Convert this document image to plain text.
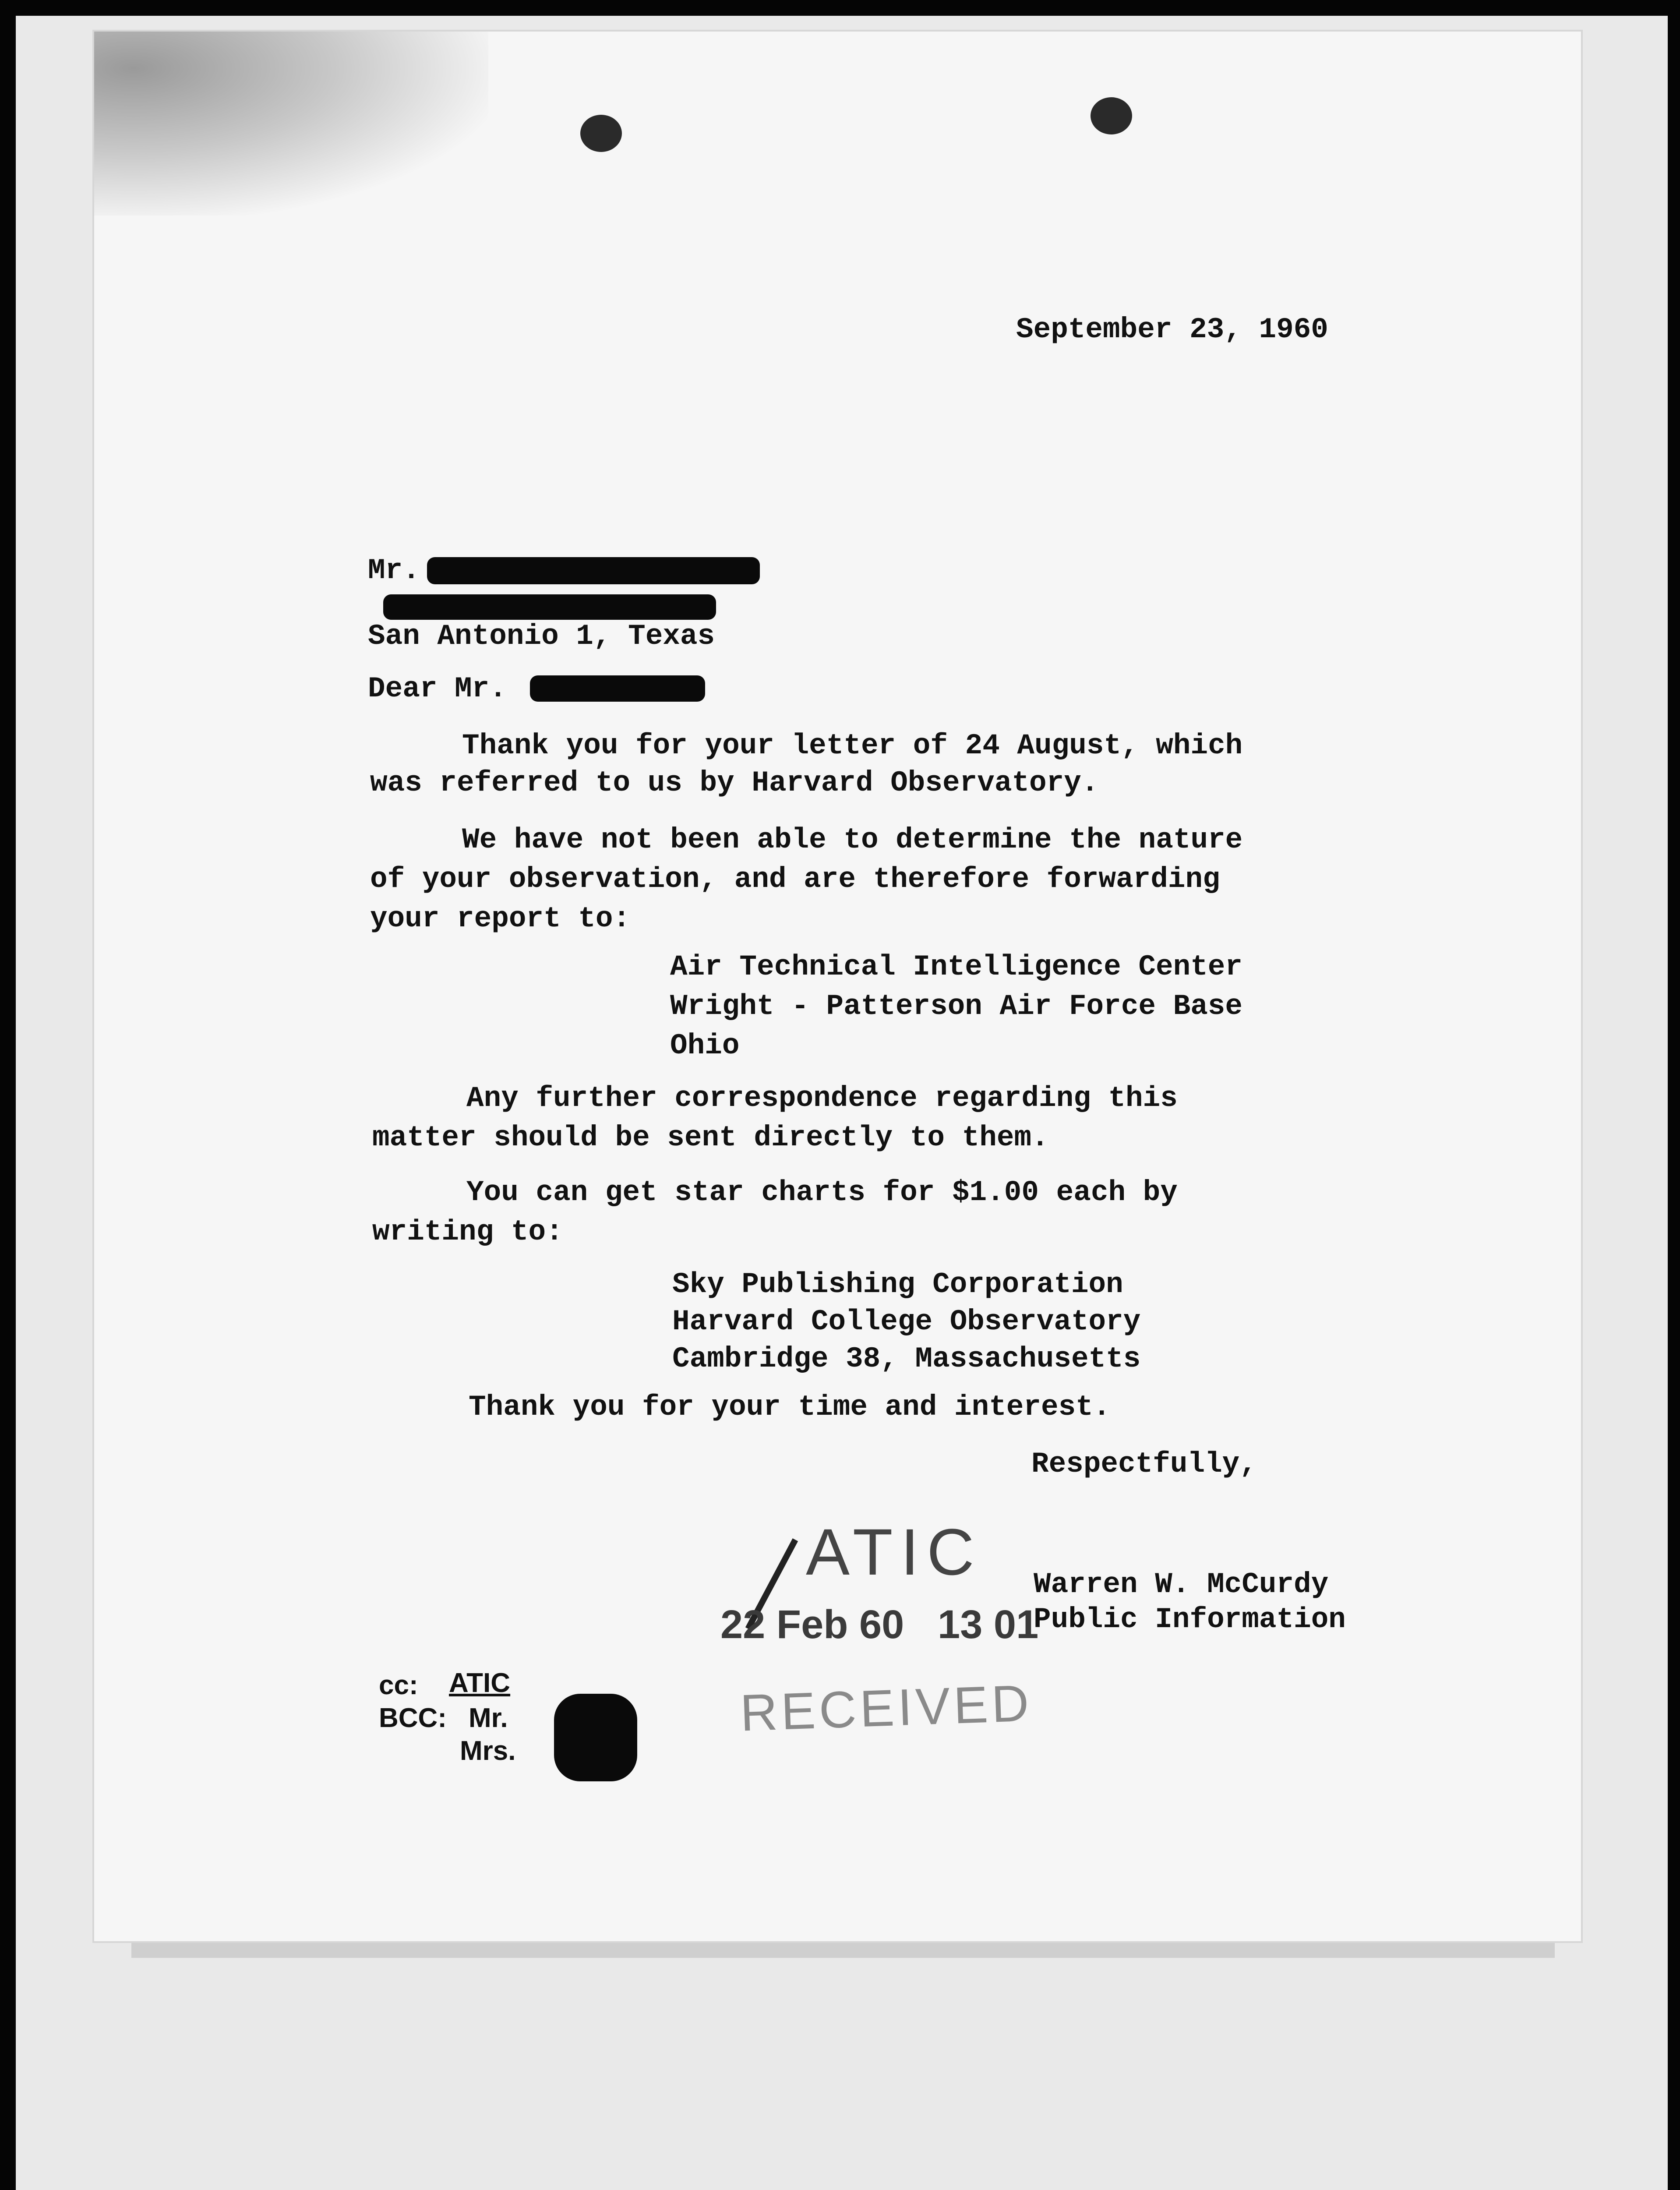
September 23, 1960
Mr.
San Antonio 1, Texas
Dear Mr.
Thank you for your letter of 24 August, which
was referred to us by Harvard Observatory.
We have not been able to determine the nature
of your observation, and are therefore forwarding
your report to:
Air Technical Intelligence Center
Wright - Patterson Air Force Base
Ohio
Any further correspondence regarding this
matter should be sent directly to them.
You can get star charts for $1.00 each by
writing to:
Sky Publishing Corporation
Harvard College Observatory
Cambridge 38, Massachusetts
Thank you for your time and interest.
Respectfully,
Warren W. McCurdy
Public Information
ATIC
22 Feb 60   13 01
RECEIVED
cc: ATIC
BCC: Mr.
Mrs.
